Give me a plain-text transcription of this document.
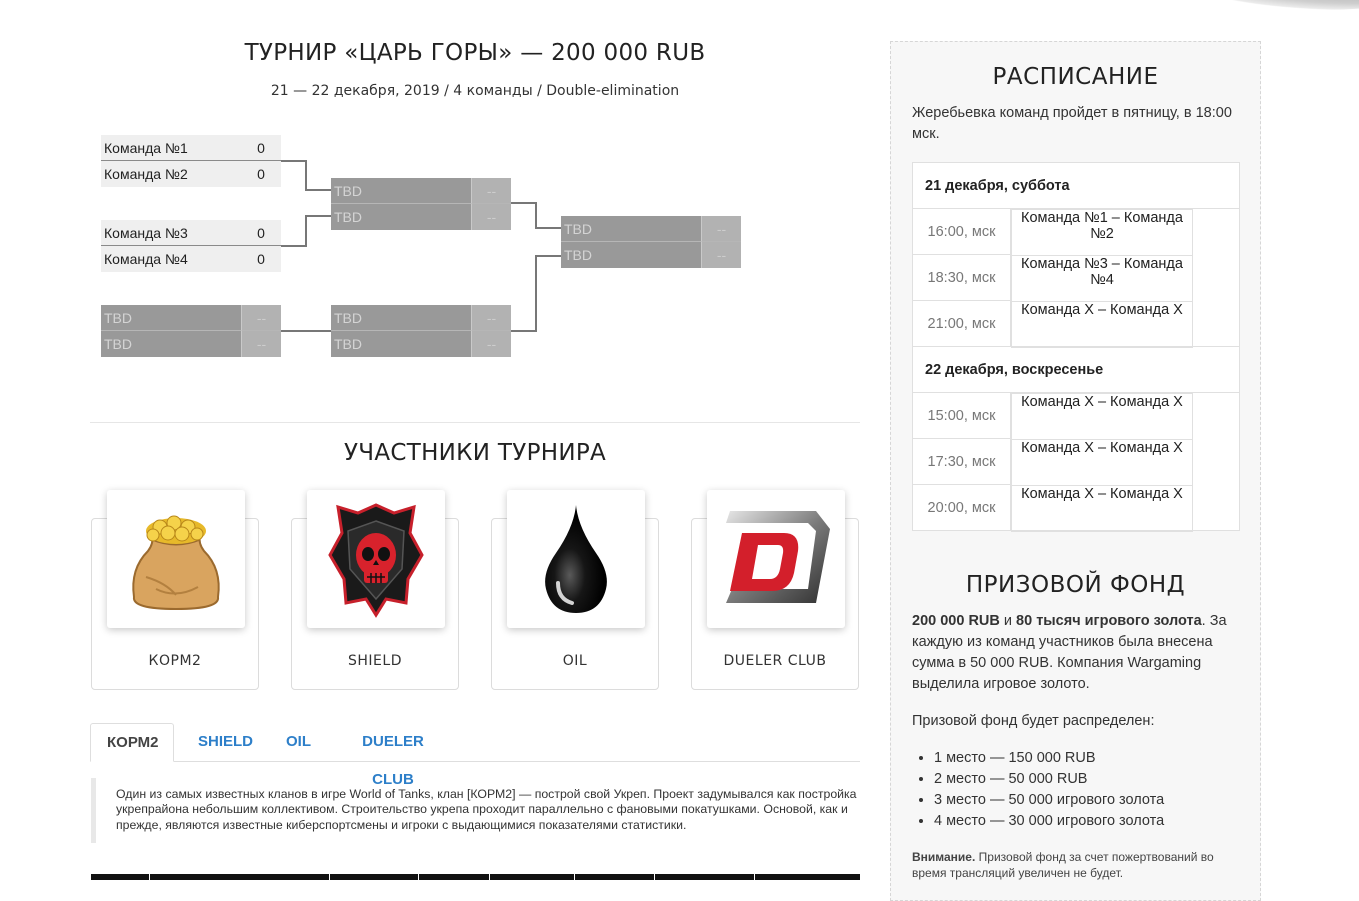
ТУРНИР «ЦАРЬ ГОРЫ» — 200 000 RUB
21 — 22 декабря, 2019 / 4 команды / Double-elimination
Команда №1	0
Команда №2	0
Команда №3	0
Команда №4	0
TBD	--
TBD	--
TBD	--
TBD	--
TBD	--
TBD	--
TBD	--
TBD	--
УЧАСТНИКИ ТУРНИРА
КОРМ2	SHIELD	OIL	DUELER CLUB
КОРМ2	SHIELD	OIL	DUELER CLUB
Один из самых известных кланов в игре World of Tanks, клан [КОРМ2] — построй свой Укреп. Проект задумывался как постройка укрепрайона небольшим коллективом. Строительство укрепа проходит параллельно с фановыми покатушками. Основой, как и прежде, являются известные киберспортсмены и игроки с выдающимися показателями статистики.
РАСПИСАНИЕ
Жеребьевка команд пройдет в пятницу, в 18:00 мск.
21 декабря, суббота
16:00, мск	
Команда №1 – Команда №2

18:30, мск	
Команда №3 – Команда №4

21:00, мск	
Команда X – Команда X

22 декабря, воскресенье
15:00, мск	
Команда X – Команда X

17:30, мск	
Команда X – Команда X

20:00, мск	
Команда X – Команда X
ПРИЗОВОЙ ФОНД
200 000 RUB и 80 тысяч игрового золота. За каждую из команд участников была внесена сумма в 50 000 RUB. Компания Wargaming выделила игровое золото.
Призовой фонд будет распределен:
• 1 место — 150 000 RUB
• 2 место — 50 000 RUB
• 3 место — 50 000 игрового золота
• 4 место — 30 000 игрового золота
Внимание. Призовой фонд за счет пожертвований во время трансляций увеличен не будет.
